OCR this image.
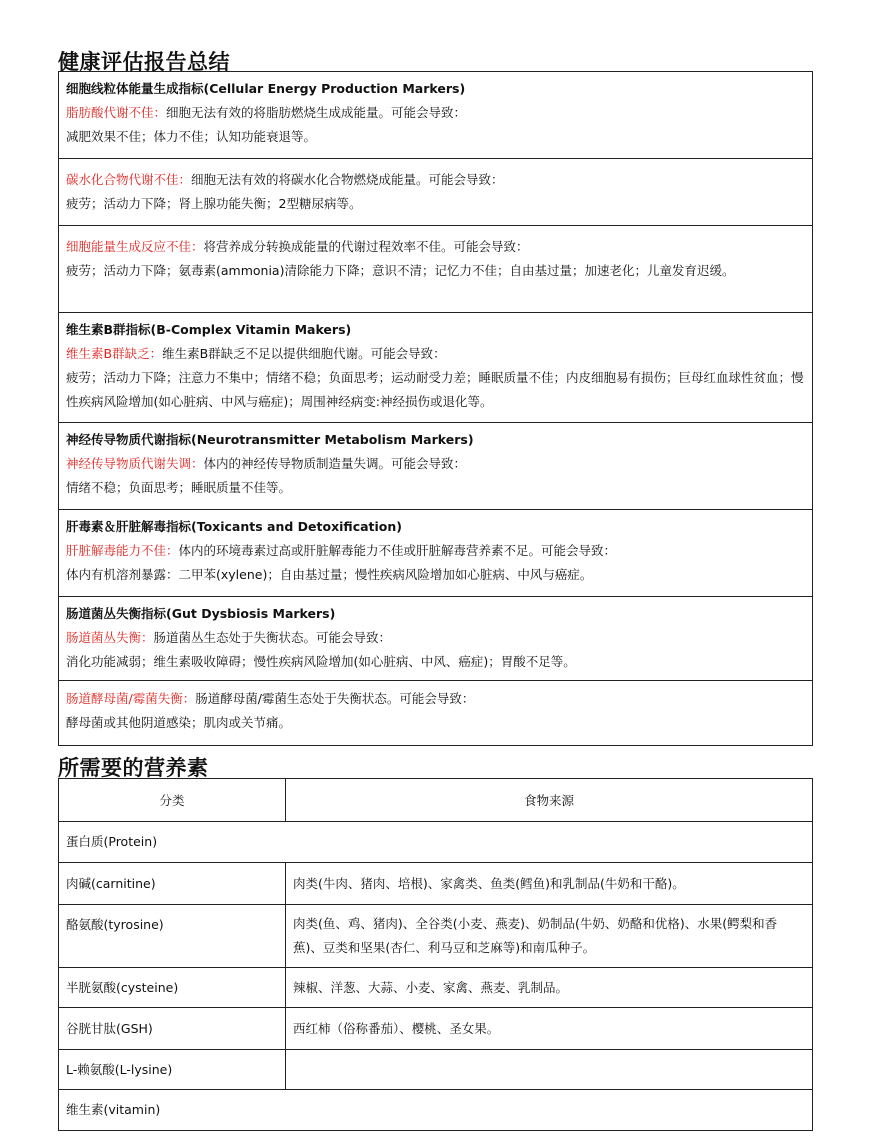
健康评估报告总结
细胞线粒体能量生成指标(Cellular Energy Production Markers)
脂肪酸代谢不佳：细胞无法有效的将脂肪燃烧生成成能量。可能会导致：
减肥效果不佳；体力不佳；认知功能衰退等。
碳水化合物代谢不佳：细胞无法有效的将碳水化合物燃烧成能量。可能会导致：
疲劳；活动力下降；肾上腺功能失衡；2型糖尿病等。
细胞能量生成反应不佳：将营养成分转换成能量的代谢过程效率不佳。可能会导致：
疲劳；活动力下降；氨毒素(ammonia)清除能力下降；意识不清；记忆力不佳；自由基过量；加速老化；儿童发育迟缓。
维生素B群指标(B-Complex Vitamin Makers)
维生素B群缺乏：维生素B群缺乏不足以提供细胞代谢。可能会导致：
疲劳；活动力下降；注意力不集中；情绪不稳；负面思考；运动耐受力差；睡眠质量不佳；内皮细胞易有损伤；巨母红血球性贫血；慢性疾病风险增加(如心脏病、中风与癌症)；周围神经病变:神经损伤或退化等。
神经传导物质代谢指标(Neurotransmitter Metabolism Markers)
神经传导物质代谢失调：体内的神经传导物质制造量失调。可能会导致：
情绪不稳；负面思考；睡眠质量不佳等。
肝毒素＆肝脏解毒指标(Toxicants and Detoxification)
肝脏解毒能力不佳：体内的环境毒素过高或肝脏解毒能力不佳或肝脏解毒营养素不足。可能会导致：
体内有机溶剂暴露：二甲苯(xylene)；自由基过量；慢性疾病风险增加如心脏病、中风与癌症。
肠道菌丛失衡指标(Gut Dysbiosis Markers)
肠道菌丛失衡：肠道菌丛生态处于失衡状态。可能会导致：
消化功能减弱；维生素吸收障碍；慢性疾病风险增加(如心脏病、中风、癌症)；胃酸不足等。
肠道酵母菌/霉菌失衡：肠道酵母菌/霉菌生态处于失衡状态。可能会导致：
酵母菌或其他阴道感染；肌肉或关节痛。
所需要的营养素
分类	食物来源
蛋白质(Protein)	
肉碱(carnitine)	肉类(牛肉、猪肉、培根)、家禽类、鱼类(鳕鱼)和乳制品(牛奶和干酪)。
酪氨酸(tyrosine)	肉类(鱼、鸡、猪肉)、全谷类(小麦、燕麦)、奶制品(牛奶、奶酪和优格)、水果(鳄梨和香蕉)、豆类和坚果(杏仁、利马豆和芝麻等)和南瓜种子。
半胱氨酸(cysteine)	辣椒、洋葱、大蒜、小麦、家禽、燕麦、乳制品。
谷胱甘肽(GSH)	西红柿（俗称番茄）、樱桃、圣女果。
L-赖氨酸(L-lysine)	
维生素(vitamin)	
